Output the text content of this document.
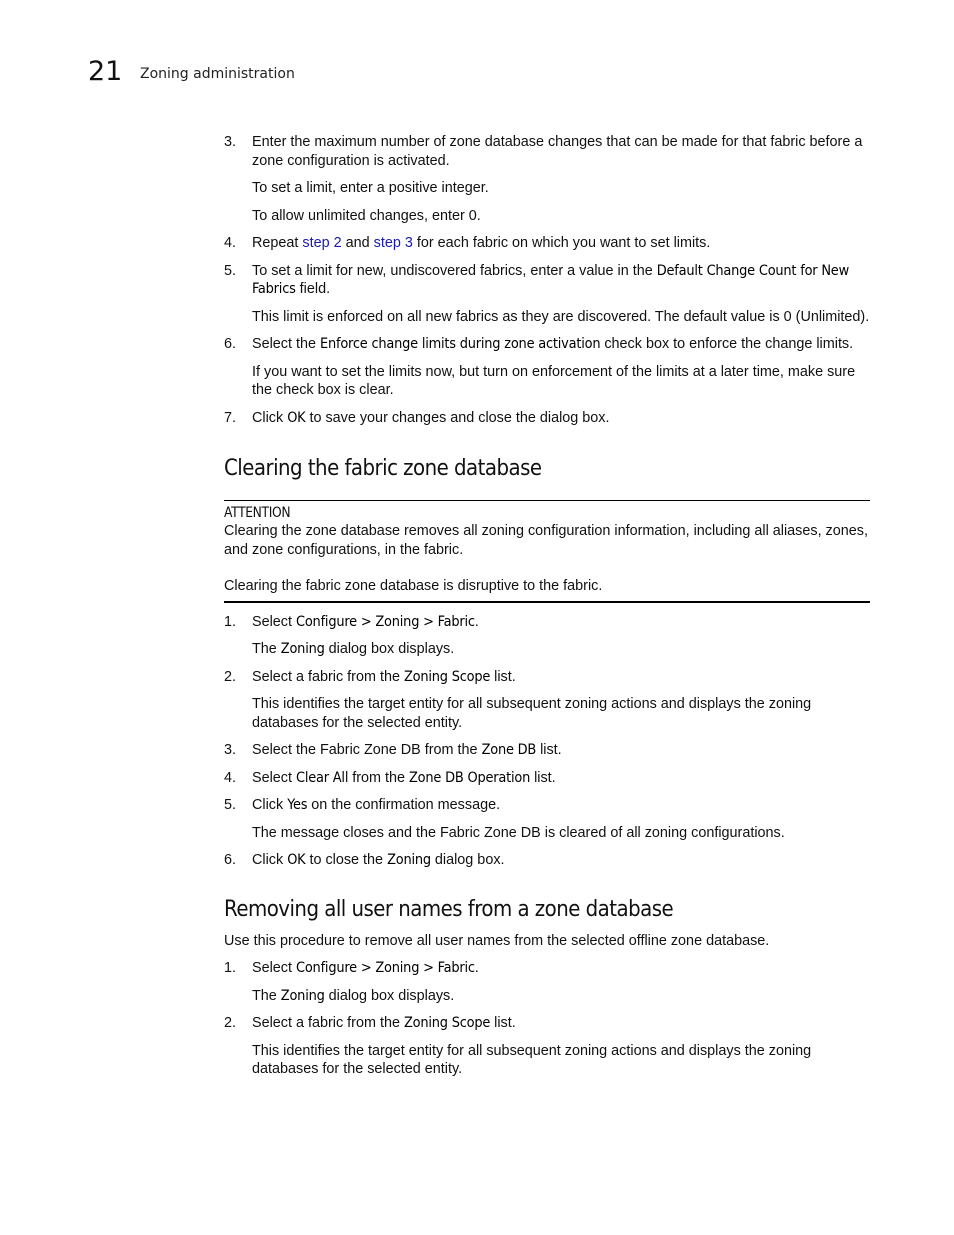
21 Zoning administration

3.	Enter the maximum number of zone database changes that can be made for that fabric before a zone configuration is activated.

To set a limit, enter a positive integer.

To allow unlimited changes, enter 0.

4.	Repeat step 2 and step 3 for each fabric on which you want to set limits.

5.	To set a limit for new, undiscovered fabrics, enter a value in the Default Change Count for New Fabrics field.

This limit is enforced on all new fabrics as they are discovered. The default value is 0 (Unlimited).

6.	Select the Enforce change limits during zone activation check box to enforce the change limits.

If you want to set the limits now, but turn on enforcement of the limits at a later time, make sure the check box is clear.

7.	Click OK to save your changes and close the dialog box.

Clearing the fabric zone database
ATTENTION

Clearing the zone database removes all zoning configuration information, including all aliases, zones, and zone configurations, in the fabric.

Clearing the fabric zone database is disruptive to the fabric.

1.	Select Configure > Zoning > Fabric.

The Zoning dialog box displays.

2.	Select a fabric from the Zoning Scope list.

This identifies the target entity for all subsequent zoning actions and displays the zoning databases for the selected entity.

3.	Select the Fabric Zone DB from the Zone DB list.

4.	Select Clear All from the Zone DB Operation list.

5.	Click Yes on the confirmation message.

The message closes and the Fabric Zone DB is cleared of all zoning configurations.

6.	Click OK to close the Zoning dialog box.

Removing all user names from a zone database

Use this procedure to remove all user names from the selected offline zone database.

1.	Select Configure > Zoning > Fabric.

The Zoning dialog box displays.

2.	Select a fabric from the Zoning Scope list.

This identifies the target entity for all subsequent zoning actions and displays the zoning databases for the selected entity.
